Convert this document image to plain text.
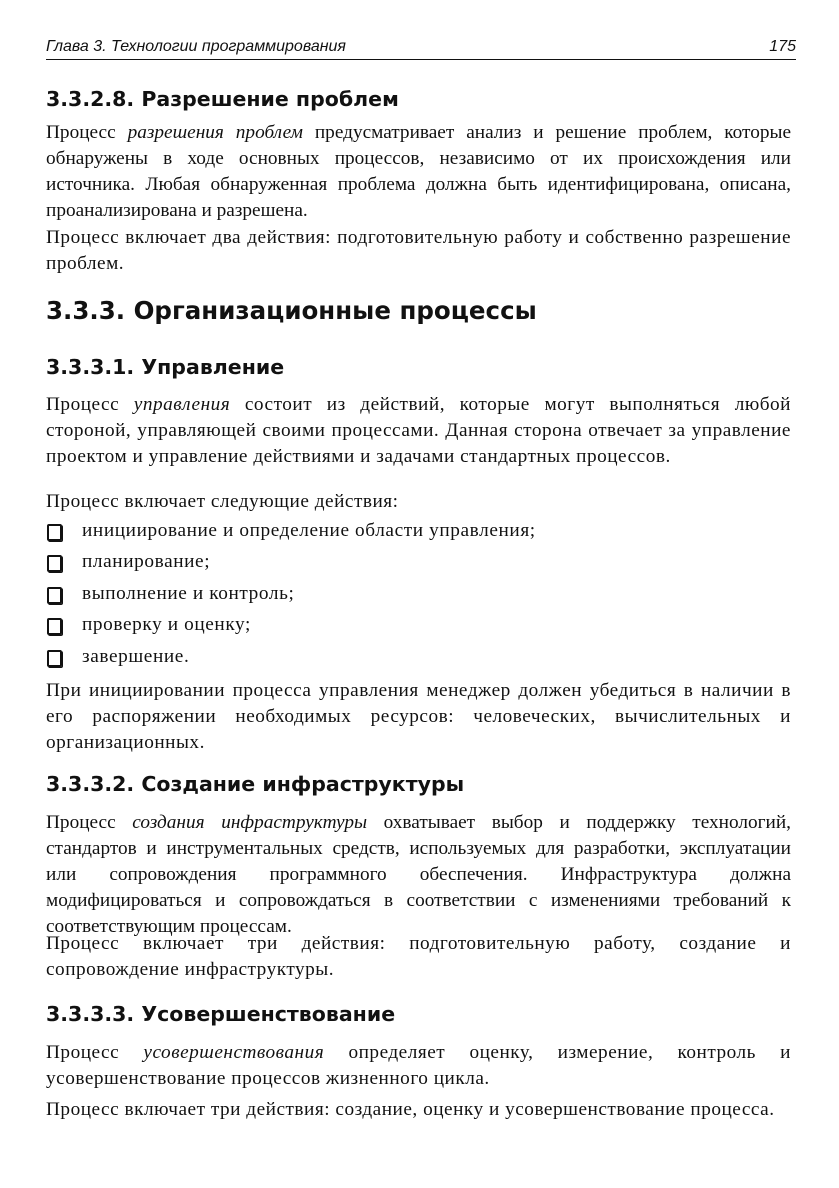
Глава 3. Технологии программирования	175
3.3.2.8. Разрешение проблем

Процесс разрешения проблем предусматривает анализ и решение проблем, которые обнаружены в ходе основных процессов, независимо от их происхождения или источника. Любая обнаруженная проблема должна быть идентифицирована, описана, проанализирована и разрешена.

Процесс включает два действия: подготовительную работу и собственно разрешение проблем.

3.3.3. Организационные процессы
3.3.3.1. Управление

Процесс управления состоит из действий, которые могут выполняться любой стороной, управляющей своими процессами. Данная сторона отвечает за управление проектом и управление действиями и задачами стандартных процессов.

Процесс включает следующие действия:

инициирование и определение области управления;
планирование;
выполнение и контроль;
проверку и оценку;
завершение.

При инициировании процесса управления менеджер должен убедиться в наличии в его распоряжении необходимых ресурсов: человеческих, вычислительных и организационных.

3.3.3.2. Создание инфраструктуры

Процесс создания инфраструктуры охватывает выбор и поддержку технологий, стандартов и инструментальных средств, используемых для разработки, эксплуатации или сопровождения программного обеспечения. Инфраструктура должна модифицироваться и сопровождаться в соответствии с изменениями требований к соответствующим процессам.

Процесс включает три действия: подготовительную работу, создание и сопровождение инфраструктуры.

3.3.3.3. Усовершенствование

Процесс усовершенствования определяет оценку, измерение, контроль и усовершенствование процессов жизненного цикла.

Процесс включает три действия: создание, оценку и усовершенствование процесса.
